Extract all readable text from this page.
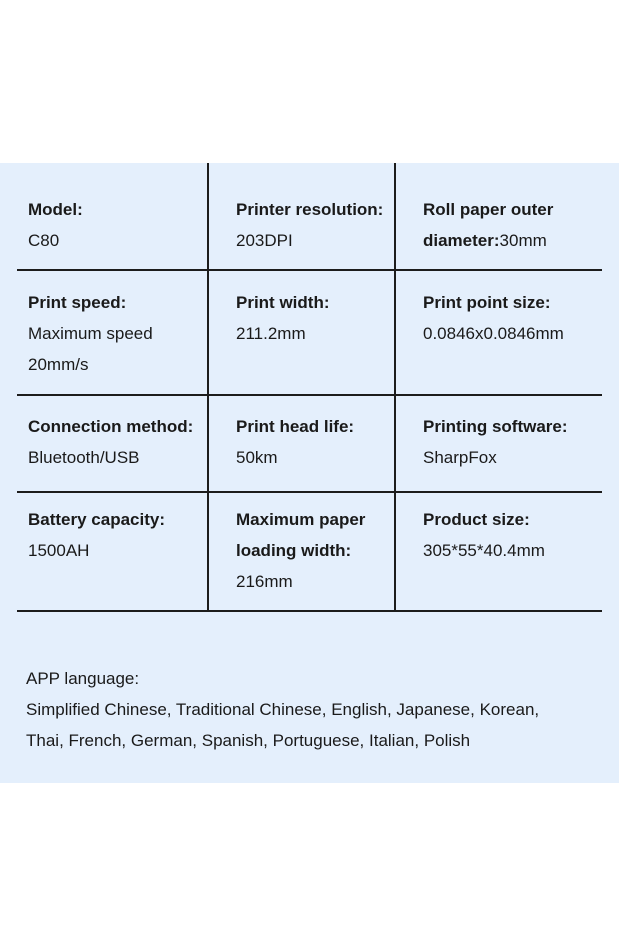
Model:
C80
Printer resolution:
203DPI
Roll paper outer
diameter:30mm
Print speed:
Maximum speed
20mm/s
Print width:
211.2mm
Print point size:
0.0846x0.0846mm
Connection method:
Bluetooth/USB
Print head life:
50km
Printing software:
SharpFox
Battery capacity:
1500AH
Maximum paper
loading width:
216mm
Product size:
305*55*40.4mm
APP language:
Simplified Chinese, Traditional Chinese, English, Japanese, Korean,
Thai, French, German, Spanish, Portuguese, Italian, Polish
